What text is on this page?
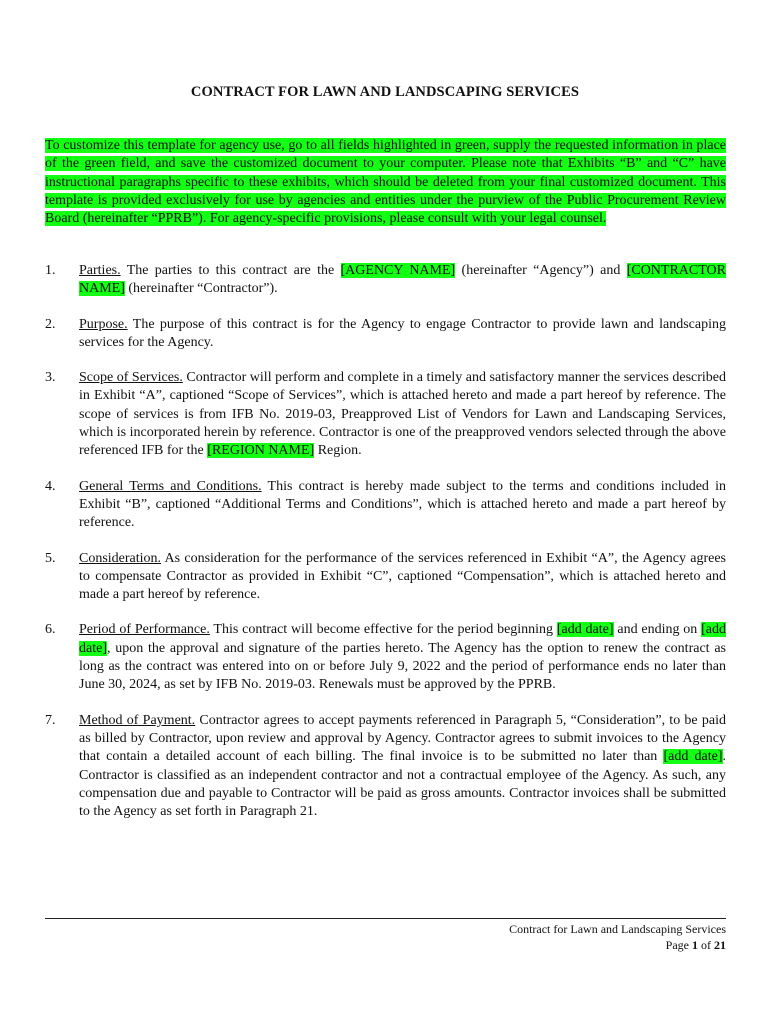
CONTRACT FOR LAWN AND LANDSCAPING SERVICES
To customize this template for agency use, go to all fields highlighted in green, supply the requested information in place of the green field, and save the customized document to your computer. Please note that Exhibits “B” and “C” have instructional paragraphs specific to these exhibits, which should be deleted from your final customized document. This template is provided exclusively for use by agencies and entities under the purview of the Public Procurement Review Board (hereinafter “PPRB”). For agency-specific provisions, please consult with your legal counsel.
1.	Parties. The parties to this contract are the [AGENCY NAME] (hereinafter “Agency”) and [CONTRACTOR NAME] (hereinafter “Contractor”).
2.	Purpose. The purpose of this contract is for the Agency to engage Contractor to provide lawn and landscaping services for the Agency.
3.	Scope of Services. Contractor will perform and complete in a timely and satisfactory manner the services described in Exhibit “A”, captioned “Scope of Services”, which is attached hereto and made a part hereof by reference. The scope of services is from IFB No. 2019-03, Preapproved List of Vendors for Lawn and Landscaping Services, which is incorporated herein by reference. Contractor is one of the preapproved vendors selected through the above referenced IFB for the [REGION NAME] Region.
4.	General Terms and Conditions. This contract is hereby made subject to the terms and conditions included in Exhibit “B”, captioned “Additional Terms and Conditions”, which is attached hereto and made a part hereof by reference.
5.	Consideration. As consideration for the performance of the services referenced in Exhibit “A”, the Agency agrees to compensate Contractor as provided in Exhibit “C”, captioned “Compensation”, which is attached hereto and made a part hereof by reference.
6.	Period of Performance. This contract will become effective for the period beginning [add date] and ending on [add date], upon the approval and signature of the parties hereto. The Agency has the option to renew the contract as long as the contract was entered into on or before July 9, 2022 and the period of performance ends no later than June 30, 2024, as set by IFB No. 2019-03. Renewals must be approved by the PPRB.
7.	Method of Payment. Contractor agrees to accept payments referenced in Paragraph 5, “Consideration”, to be paid as billed by Contractor, upon review and approval by Agency. Contractor agrees to submit invoices to the Agency that contain a detailed account of each billing. The final invoice is to be submitted no later than [add date]. Contractor is classified as an independent contractor and not a contractual employee of the Agency. As such, any compensation due and payable to Contractor will be paid as gross amounts. Contractor invoices shall be submitted to the Agency as set forth in Paragraph 21.
Contract for Lawn and Landscaping Services
Page 1 of 21
